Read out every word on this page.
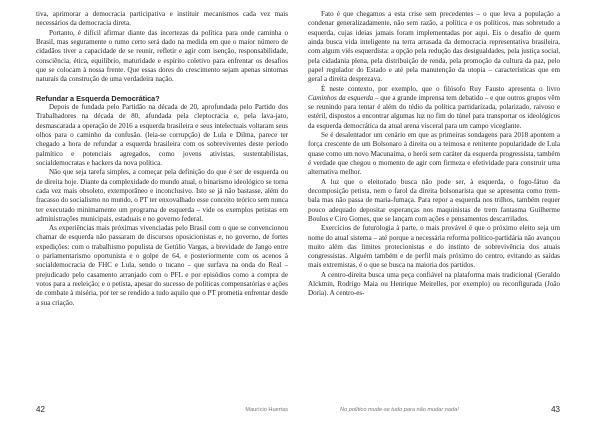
tiva, aprimorar a democracia participativa e instituir mecanismos cada vez mais necessários da democracia direta.

Portanto, é difícil afirmar diante das incertezas da política para onde caminha o Brasil, mas seguramente o rumo certo será dado na medida em que o maior número de cidadãos tiver a capacidade de se reunir, refletir e agir com isenção, responsabilidade, consciência, ética, equilíbrio, maturidade e espírito coletivo para enfrentar os desafios que se colocam à nossa frente. Que essas dores do crescimento sejam apenas sintomas naturais da construção de uma verdadeira nação.

Refundar a Esquerda Democrática?

Depois de fundada pelo Partidão na década de 20, aprofundada pelo Partido dos Trabalhadores na década de 80, afundada pela cleptocracia e, pela lava-jato, desmascarada a operação de 2016 a esquerda brasileira e seus intelectuais voltaram seus olhos para o caminho da confusão. (leia-se corrupção) de Lula e Dilma, parece ter chegado a hora de refundar a esquerda brasileira com os sobreviventes deste período palmítico e potenciais agregados, como jovens ativistas, sustentabilistas, socialdemocratas e hackers da nova política.

Não que seja tarefa simples, a começar pela definição do que é ser de esquerda ou de direita hoje. Diante da complexidade do mundo atual, o binarismo ideológico se torna cada vez mais obsoleto, extemporâneo e inconclusivo. Isto se já não bastasse, além do fracasso do socialismo no mundo, o PT ter enxovalhado esse conceito teórico sem nunca ter executado minimamente um programa de esquerda – vide os exemplos petistas em administrações municipais, estaduais e no governo federal.

As experiências mais próximas vivenciadas pelo Brasil com o que se convencionou chamar de esquerda não passaram de discursos oposicionistas e, no governo, de fortes expedições: com o trabalhismo populista de Getúlio Vargas, a brevidade de Jango entre o parlamentarismo oportunista e o golpe de 64, e posteriormente com os acenos à socialdemocracia de FHC e Lula, sendo o tucano – que surfava na onda do Real – prejudicado pelo casamento arranjado com o PFL e por episódios como a compra de votos para a reeleição; e o petista, apesar do sucesso de políticas compensatórias e ações de combate à miséria, por ter se rendido a tudo aquilo que o PT prometia enfrentar desde a sua criação.

42	Maurício Huertas

Fato é que chegamos a esta crise sem precedentes – o que leva a população a condenar generalizadamente, não sem razão, a política e os políticos, mas sobretudo a esquerda, cujas ideias jamais foram implementadas por aqui. Eis o desafio de quem ainda busca vida inteligente na terra arrasada da democracia representativa brasileira, com algum viés esquerdista: a opção pela redução das desigualdades, pela justiça social, pela cidadania plena, pela distribuição de renda, pela promoção da cultura da paz, pelo papel regulador do Estado e até pela manutenção da utopia – características que em geral a direita desprezava.

É neste contexto, por exemplo, que o filósofo Ruy Fausto apresenta o livro Caminhos da esquerda – que a grande imprensa tem debatido – e que outros grupos vêm se reunindo para tentar é além do tédio da política partidarizada, polarizado, raivoso e estéril, dispostos a encontrar algumas luz no fim do túnel para transportar os ideológicos da esquerda democrática da atual arena visceral para um campo viceglante.

Se é desalentador um cenário em que as primeiras sondagens para 2018 apontem a força crescente de um Bolsonaro à direita ou a teimosa e renitente popularidade de Lula quase como um novo Macunaíma, o herói sem caráter da esquerda progressista, também é verdade que chegou o momento de agir com firmeza e efetividade para construir uma alternativa melhor.

A luz que o eleitorado busca não pode ser, à esquerda, o fogo-fátuo da decomposição petista, nem o farol da direita bolsonarista que se apresenta como trem-bala mas não passa de maria-fumaça. Para repor a esquerda nos trilhos, também requer pouco adequado depositar esperanças nos maquinistas de trem fantasma Guilherme Boulos e Ciro Gomes, que se lançam com ações e pensamentos descarrilados.

Exercícios de futurologia à parte, o mais provável é que o próximo eleito seja um nome do atual sistema – até porque a necessária reforma político-partidária não avançou muito além das limites protecionistas e do instinto de sobrevivência dos atuais congressistas. Alguém também e de perfil mais próximo do centro, evitando as saídas mais extremistas, é o que se busca na maioria dos partidos.

A centro-direita busca uma peça confiável na plataforma mais tradicional (Geraldo Alckmin, Rodrigo Maia ou Henrique Meirelles, por exemplo) ou reconfigurada (João Doria). A centro-es-

No político mude-se tudo para não mudar nada!	43
